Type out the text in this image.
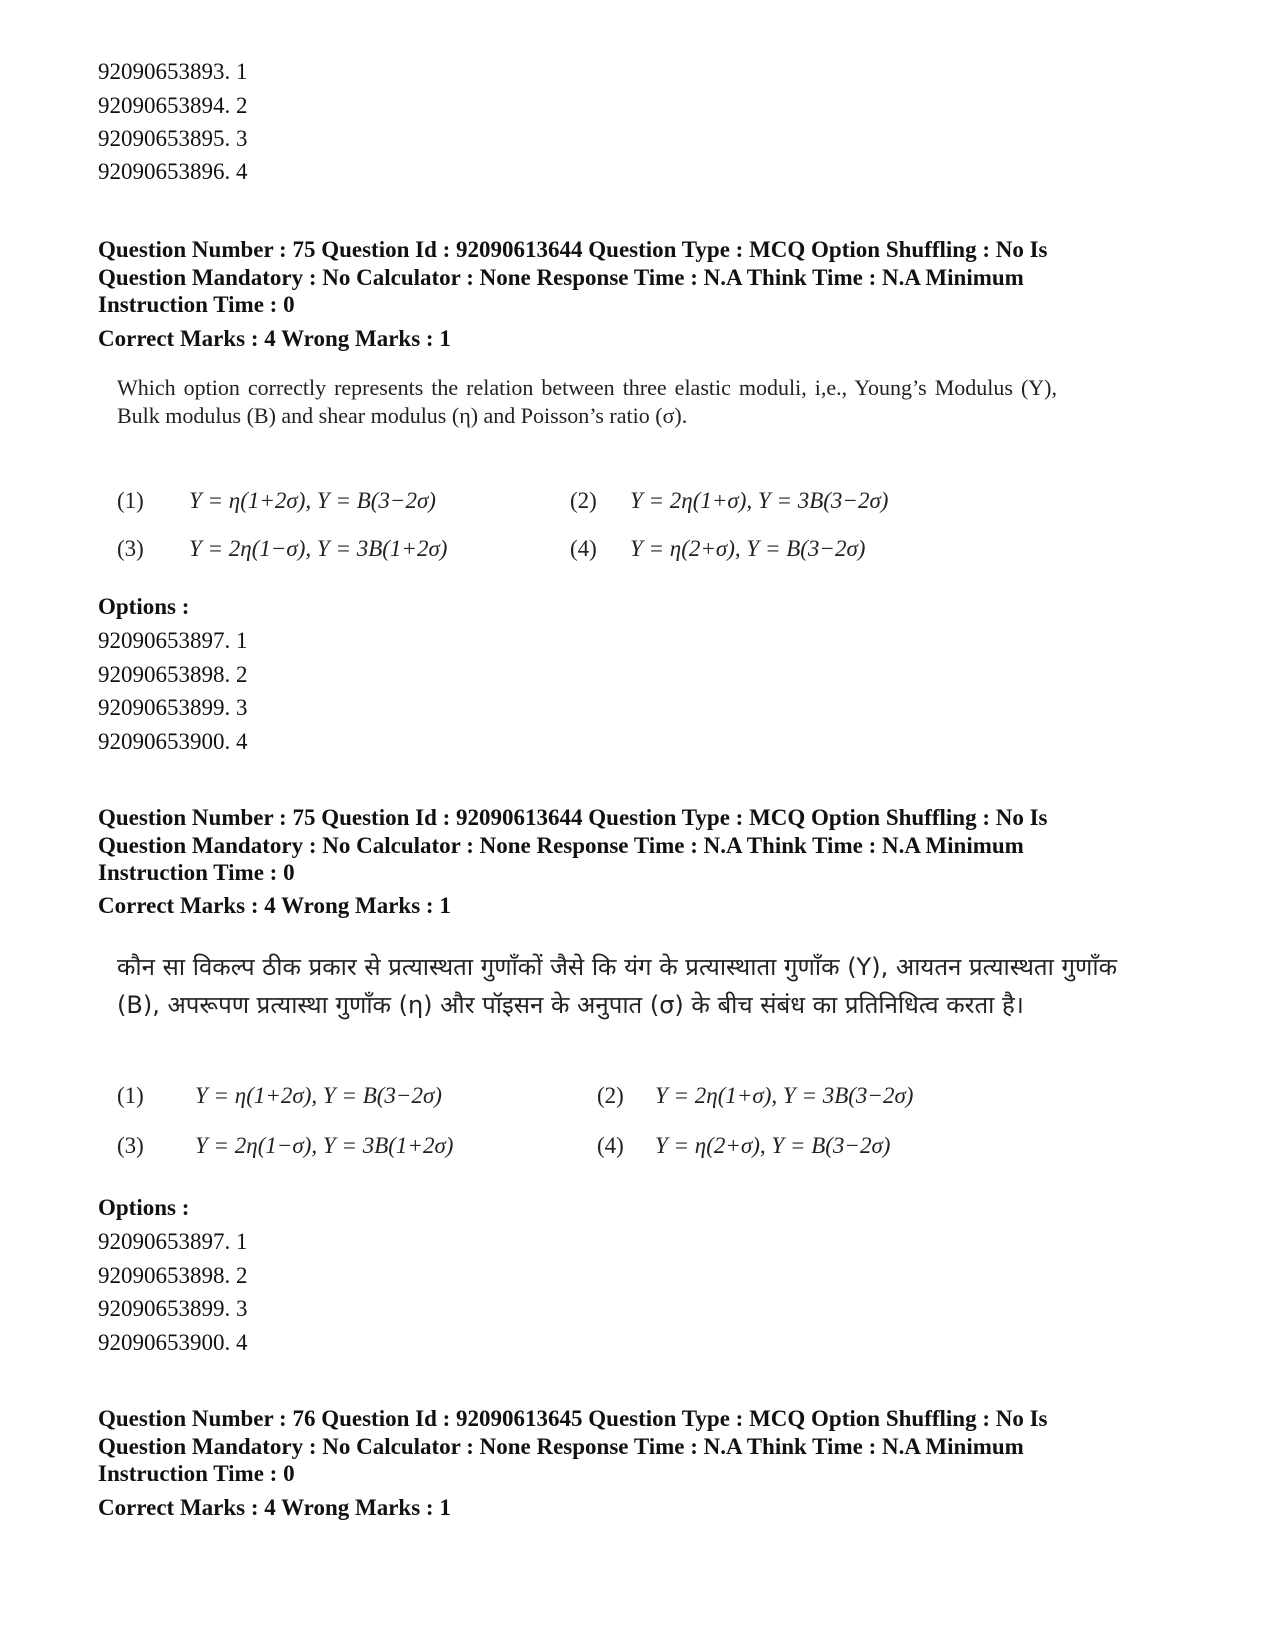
92090653893. 1
92090653894. 2
92090653895. 3
92090653896. 4
Question Number : 75 Question Id : 92090613644 Question Type : MCQ Option Shuffling : No Is
Question Mandatory : No Calculator : None Response Time : N.A Think Time : N.A Minimum
Instruction Time : 0
Correct Marks : 4 Wrong Marks : 1
Which option correctly represents the relation between three elastic moduli, i,e., Young’s Modulus (Y), Bulk modulus (B) and shear modulus (η) and Poisson’s ratio (σ).
(1) Y = η(1+2σ), Y = B(3−2σ)	(2) Y = 2η(1+σ), Y = 3B(3−2σ)
(3) Y = 2η(1−σ), Y = 3B(1+2σ)	(4) Y = η(2+σ), Y = B(3−2σ)
Options :
92090653897. 1
92090653898. 2
92090653899. 3
92090653900. 4
Question Number : 75 Question Id : 92090613644 Question Type : MCQ Option Shuffling : No Is
Question Mandatory : No Calculator : None Response Time : N.A Think Time : N.A Minimum
Instruction Time : 0
Correct Marks : 4 Wrong Marks : 1
कौन सा विकल्प ठीक प्रकार से प्रत्यास्थता गुणाँकों जैसे कि यंग के प्रत्यास्थाता गुणाँक (Y), आयतन प्रत्यास्थता गुणाँक (B), अपरूपण प्रत्यास्था गुणाँक (η) और पॉइसन के अनुपात (σ) के बीच संबंध का प्रतिनिधित्व करता है।
(1) Y = η(1+2σ), Y = B(3−2σ)	(2) Y = 2η(1+σ), Y = 3B(3−2σ)
(3) Y = 2η(1−σ), Y = 3B(1+2σ)	(4) Y = η(2+σ), Y = B(3−2σ)
Options :
92090653897. 1
92090653898. 2
92090653899. 3
92090653900. 4
Question Number : 76 Question Id : 92090613645 Question Type : MCQ Option Shuffling : No Is
Question Mandatory : No Calculator : None Response Time : N.A Think Time : N.A Minimum
Instruction Time : 0
Correct Marks : 4 Wrong Marks : 1
